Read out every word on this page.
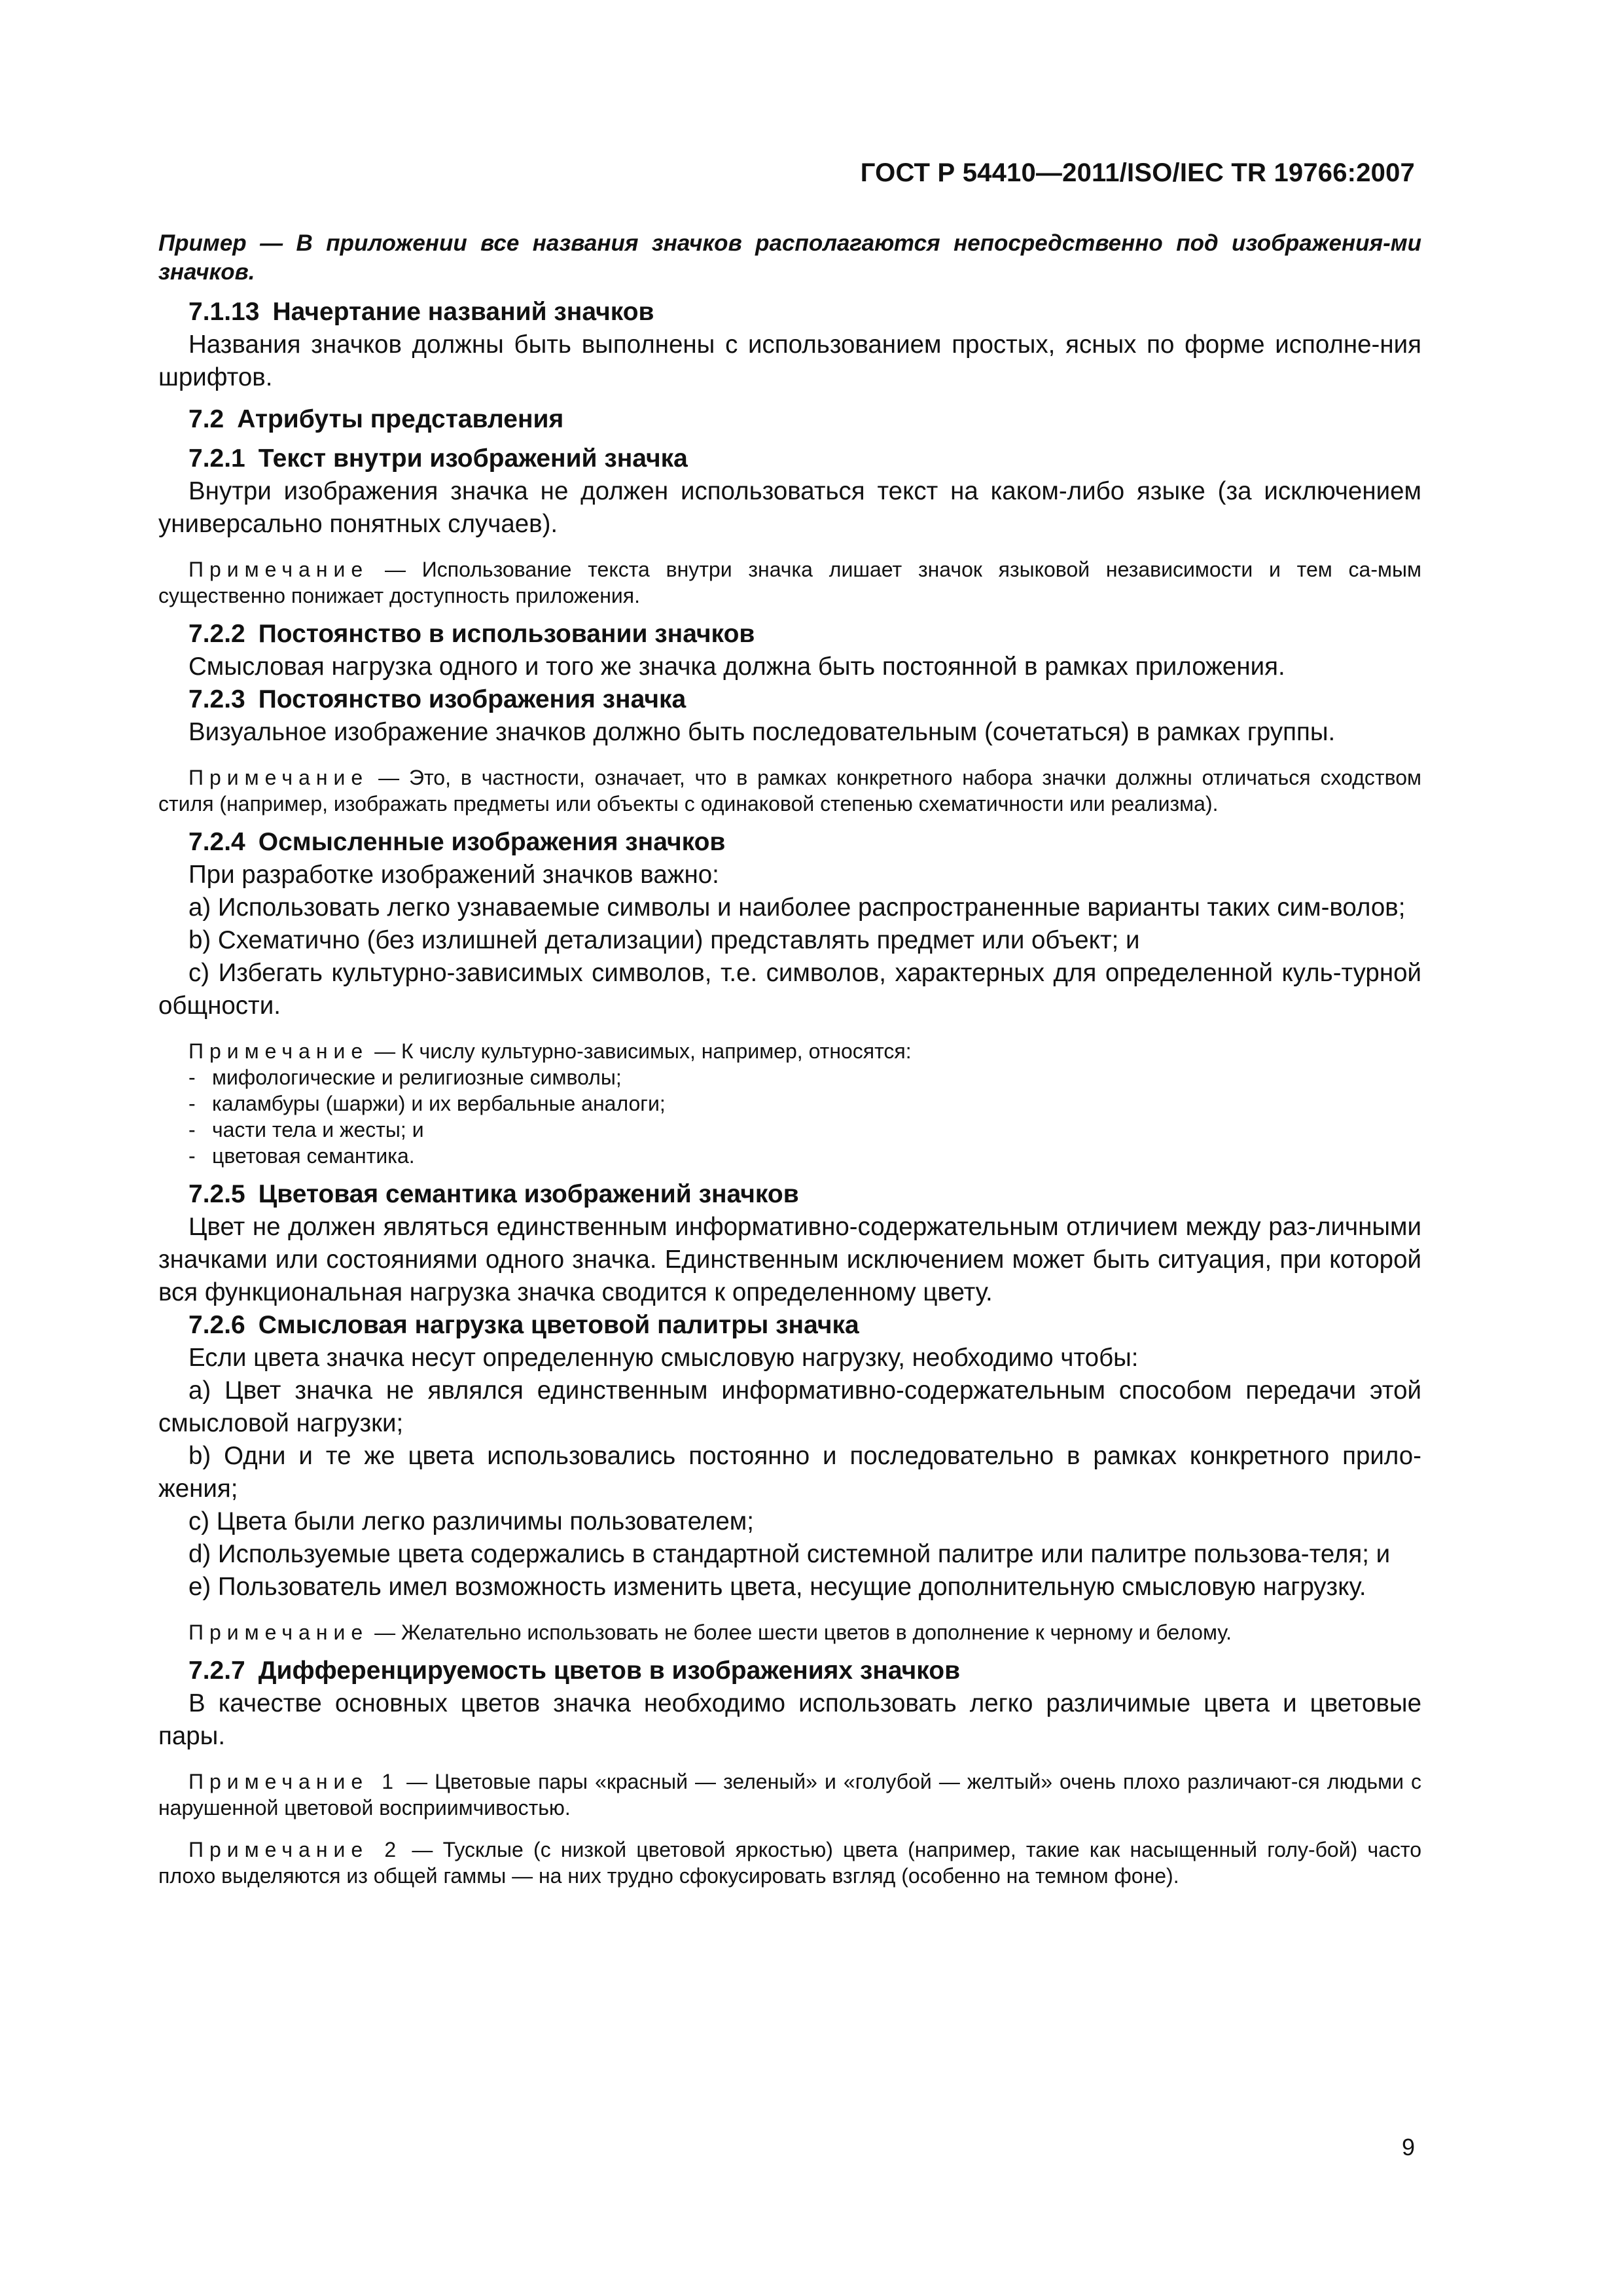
ГОСТ Р 54410—2011/ISO/IEC TR 19766:2007

Пример — В приложении все названия значков располагаются непосредственно под изображения-ми значков.

7.1.13 Начертание названий значков

Названия значков должны быть выполнены с использованием простых, ясных по форме исполне-ния шрифтов.

7.2 Атрибуты представления

7.2.1 Текст внутри изображений значка

Внутри изображения значка не должен использоваться текст на каком-либо языке (за исключением универсально понятных случаев).

Примечание — Использование текста внутри значка лишает значок языковой независимости и тем са-мым существенно понижает доступность приложения.

7.2.2 Постоянство в использовании значков

Смысловая нагрузка одного и того же значка должна быть постоянной в рамках приложения.

7.2.3 Постоянство изображения значка

Визуальное изображение значков должно быть последовательным (сочетаться) в рамках группы.

Примечание — Это, в частности, означает, что в рамках конкретного набора значки должны отличаться сходством стиля (например, изображать предметы или объекты с одинаковой степенью схематичности или реализма).

7.2.4 Осмысленные изображения значков

При разработке изображений значков важно:

a) Использовать легко узнаваемые символы и наиболее распространенные варианты таких сим-волов;

b) Схематично (без излишней детализации) представлять предмет или объект; и

c) Избегать культурно-зависимых символов, т.е. символов, характерных для определенной куль-турной общности.

Примечание — К числу культурно-зависимых, например, относятся:

- мифологические и религиозные символы;

- каламбуры (шаржи) и их вербальные аналоги;

- части тела и жесты; и

- цветовая семантика.

7.2.5 Цветовая семантика изображений значков

Цвет не должен являться единственным информативно-содержательным отличием между раз-личными значками или состояниями одного значка. Единственным исключением может быть ситуация, при которой вся функциональная нагрузка значка сводится к определенному цвету.

7.2.6 Смысловая нагрузка цветовой палитры значка

Если цвета значка несут определенную смысловую нагрузку, необходимо чтобы:

a) Цвет значка не являлся единственным информативно-содержательным способом передачи этой смысловой нагрузки;

b) Одни и те же цвета использовались постоянно и последовательно в рамках конкретного прило-жения;

c) Цвета были легко различимы пользователем;

d) Используемые цвета содержались в стандартной системной палитре или палитре пользова-теля; и

e) Пользователь имел возможность изменить цвета, несущие дополнительную смысловую нагрузку.

Примечание — Желательно использовать не более шести цветов в дополнение к черному и белому.

7.2.7 Дифференцируемость цветов в изображениях значков

В качестве основных цветов значка необходимо использовать легко различимые цвета и цветовые пары.

Примечание 1 — Цветовые пары «красный — зеленый» и «голубой — желтый» очень плохо различают-ся людьми с нарушенной цветовой восприимчивостью.

Примечание 2 — Тусклые (с низкой цветовой яркостью) цвета (например, такие как насыщенный голу-бой) часто плохо выделяются из общей гаммы — на них трудно сфокусировать взгляд (особенно на темном фоне).

9
